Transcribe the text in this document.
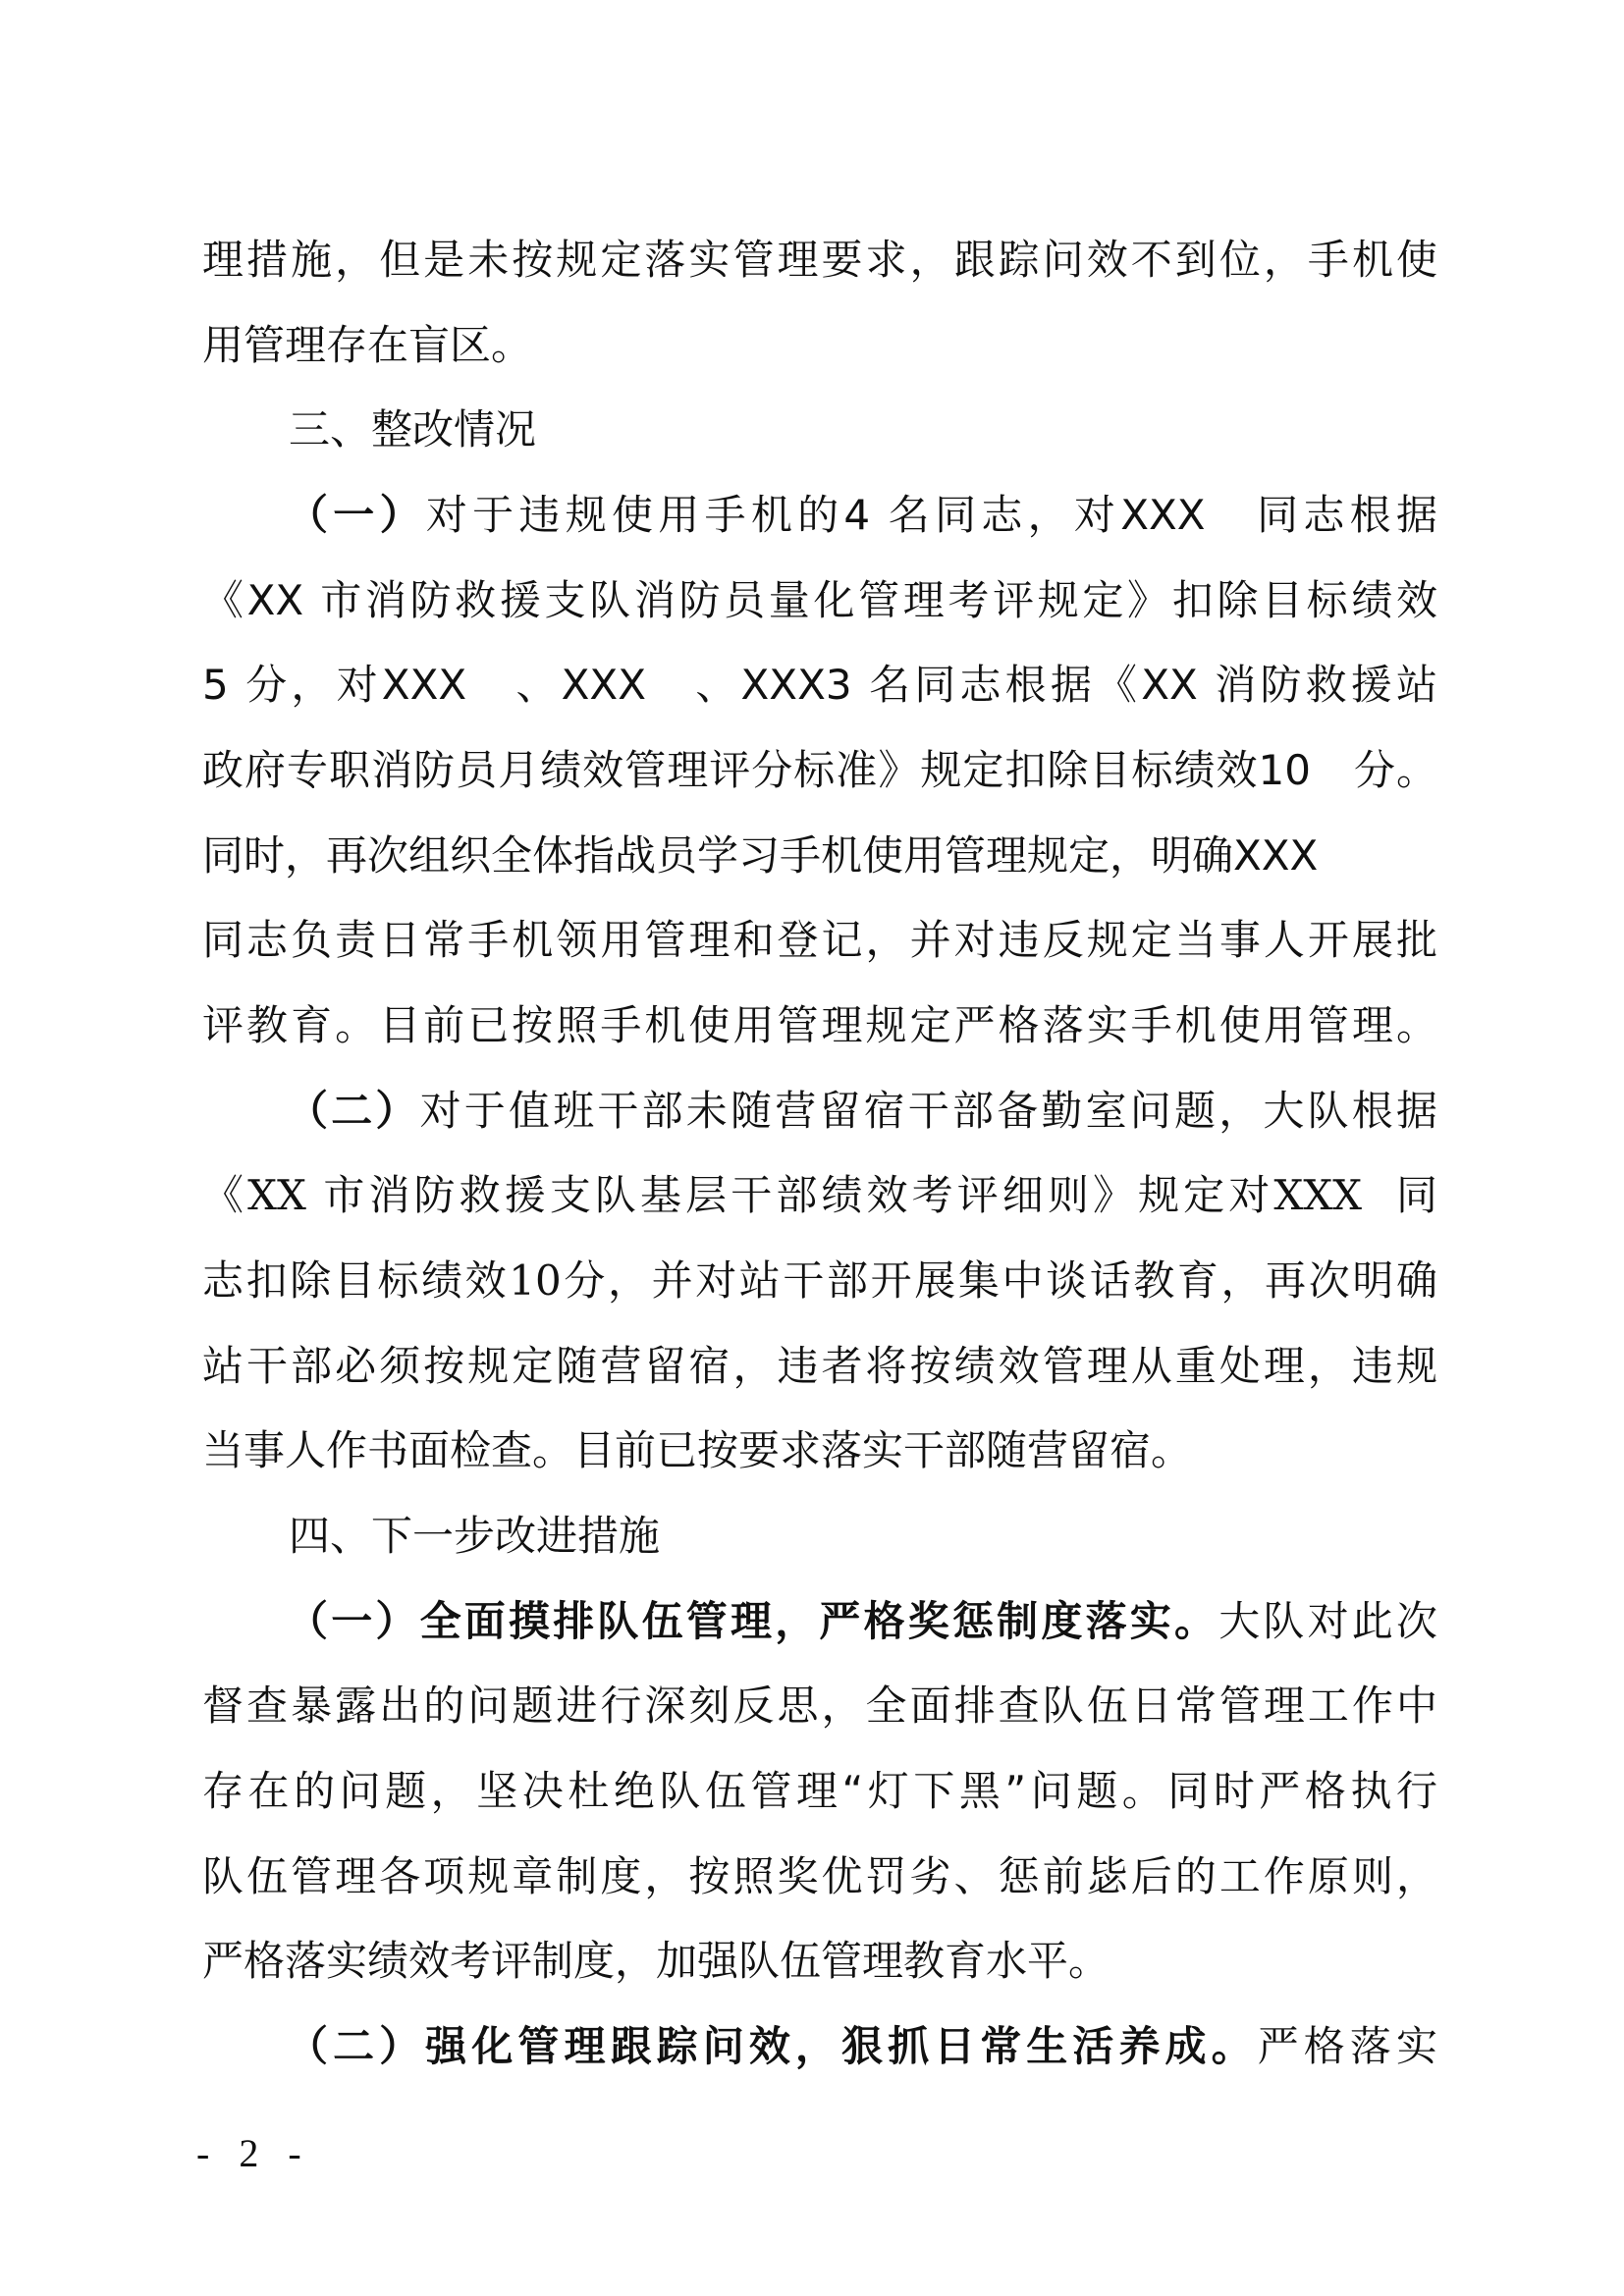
理措施，但是未按规定落实管理要求，跟踪问效不到位，手机使
用管理存在盲区。
三、整改情况
（一）对于违规使用手机的4 名同志，对XXX　同志根据
《XX 市消防救援支队消防员量化管理考评规定》扣除目标绩效
5 分，对XXX　、XXX　、XXX3 名同志根据《XX 消防救援站
政府专职消防员月绩效管理评分标准》规定扣除目标绩效10　分。
同时，再次组织全体指战员学习手机使用管理规定，明确XXX
同志负责日常手机领用管理和登记，并对违反规定当事人开展批
评教育。目前已按照手机使用管理规定严格落实手机使用管理。
（二）对于值班干部未随营留宿干部备勤室问题，大队根据
《XX 市消防救援支队基层干部绩效考评细则》规定对XXX 同
志扣除目标绩效10分，并对站干部开展集中谈话教育，再次明确
站干部必须按规定随营留宿，违者将按绩效管理从重处理，违规
当事人作书面检查。目前已按要求落实干部随营留宿。
四、下一步改进措施
（一）全面摸排队伍管理，严格奖惩制度落实。大队对此次
督查暴露出的问题进行深刻反思，全面排查队伍日常管理工作中
存在的问题，坚决杜绝队伍管理“灯下黑”问题。同时严格执行
队伍管理各项规章制度，按照奖优罚劣、惩前毖后的工作原则，
严格落实绩效考评制度，加强队伍管理教育水平。
（二）强化管理跟踪问效，狠抓日常生活养成。严格落实
- 2 -
